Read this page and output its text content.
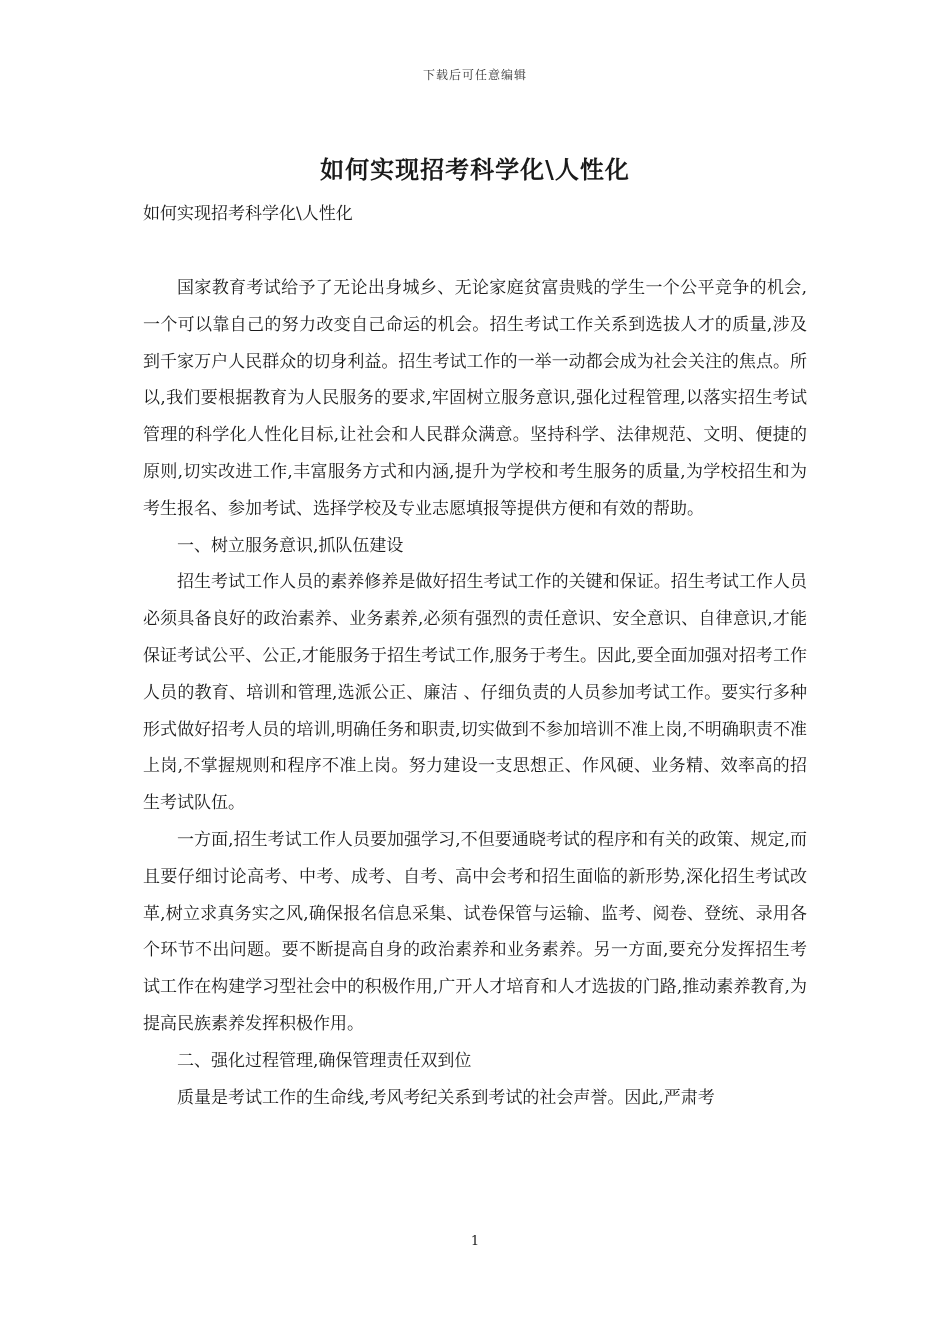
下载后可任意编辑
如何实现招考科学化\人性化
如何实现招考科学化\人性化

国家教育考试给予了无论出身城乡、无论家庭贫富贵贱的学生一个公平竞争的机会,一个可以靠自己的努力改变自己命运的机会。招生考试工作关系到选拔人才的质量,涉及到千家万户人民群众的切身利益。招生考试工作的一举一动都会成为社会关注的焦点。所以,我们要根据教育为人民服务的要求,牢固树立服务意识,强化过程管理,以落实招生考试管理的科学化人性化目标,让社会和人民群众满意。坚持科学、法律规范、文明、便捷的原则,切实改进工作,丰富服务方式和内涵,提升为学校和考生服务的质量,为学校招生和为考生报名、参加考试、选择学校及专业志愿填报等提供方便和有效的帮助。

一、树立服务意识,抓队伍建设

招生考试工作人员的素养修养是做好招生考试工作的关键和保证。招生考试工作人员必须具备良好的政治素养、业务素养,必须有强烈的责任意识、安全意识、自律意识,才能保证考试公平、公正,才能服务于招生考试工作,服务于考生。因此,要全面加强对招考工作人员的教育、培训和管理,选派公正、廉洁 、仔细负责的人员参加考试工作。要实行多种形式做好招考人员的培训,明确任务和职责,切实做到不参加培训不准上岗,不明确职责不准上岗,不掌握规则和程序不准上岗。努力建设一支思想正、作风硬、业务精、效率高的招生考试队伍。

一方面,招生考试工作人员要加强学习,不但要通晓考试的程序和有关的政策、规定,而且要仔细讨论高考、中考、成考、自考、高中会考和招生面临的新形势,深化招生考试改革,树立求真务实之风,确保报名信息采集、试卷保管与运输、监考、阅卷、登统、录用各个环节不出问题。要不断提高自身的政治素养和业务素养。另一方面,要充分发挥招生考试工作在构建学习型社会中的积极作用,广开人才培育和人才选拔的门路,推动素养教育,为提高民族素养发挥积极作用。

二、强化过程管理,确保管理责任双到位

质量是考试工作的生命线,考风考纪关系到考试的社会声誉。因此,严肃考

1
